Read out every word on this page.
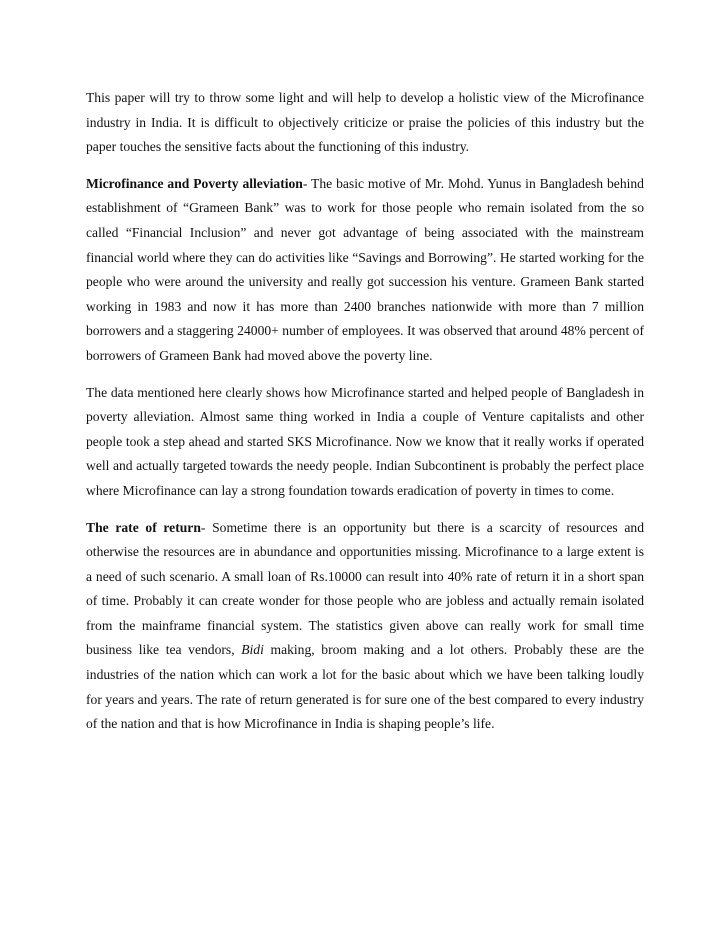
This paper will try to throw some light and will help to develop a holistic view of the Microfinance industry in India. It is difficult to objectively criticize or praise the policies of this industry but the paper touches the sensitive facts about the functioning of this industry.

Microfinance and Poverty alleviation- The basic motive of Mr. Mohd. Yunus in Bangladesh behind establishment of “Grameen Bank” was to work for those people who remain isolated from the so called “Financial Inclusion” and never got advantage of being associated with the mainstream financial world where they can do activities like “Savings and Borrowing”. He started working for the people who were around the university and really got succession his venture. Grameen Bank started working in 1983 and now it has more than 2400 branches nationwide with more than 7 million borrowers and a staggering 24000+ number of employees. It was observed that around 48% percent of borrowers of Grameen Bank had moved above the poverty line.

The data mentioned here clearly shows how Microfinance started and helped people of Bangladesh in poverty alleviation. Almost same thing worked in India a couple of Venture capitalists and other people took a step ahead and started SKS Microfinance. Now we know that it really works if operated well and actually targeted towards the needy people. Indian Subcontinent is probably the perfect place where Microfinance can lay a strong foundation towards eradication of poverty in times to come.

The rate of return- Sometime there is an opportunity but there is a scarcity of resources and otherwise the resources are in abundance and opportunities missing. Microfinance to a large extent is a need of such scenario. A small loan of Rs.10000 can result into 40% rate of return it in a short span of time. Probably it can create wonder for those people who are jobless and actually remain isolated from the mainframe financial system. The statistics given above can really work for small time business like tea vendors, Bidi making, broom making and a lot others. Probably these are the industries of the nation which can work a lot for the basic about which we have been talking loudly for years and years. The rate of return generated is for sure one of the best compared to every industry of the nation and that is how Microfinance in India is shaping people’s life.
